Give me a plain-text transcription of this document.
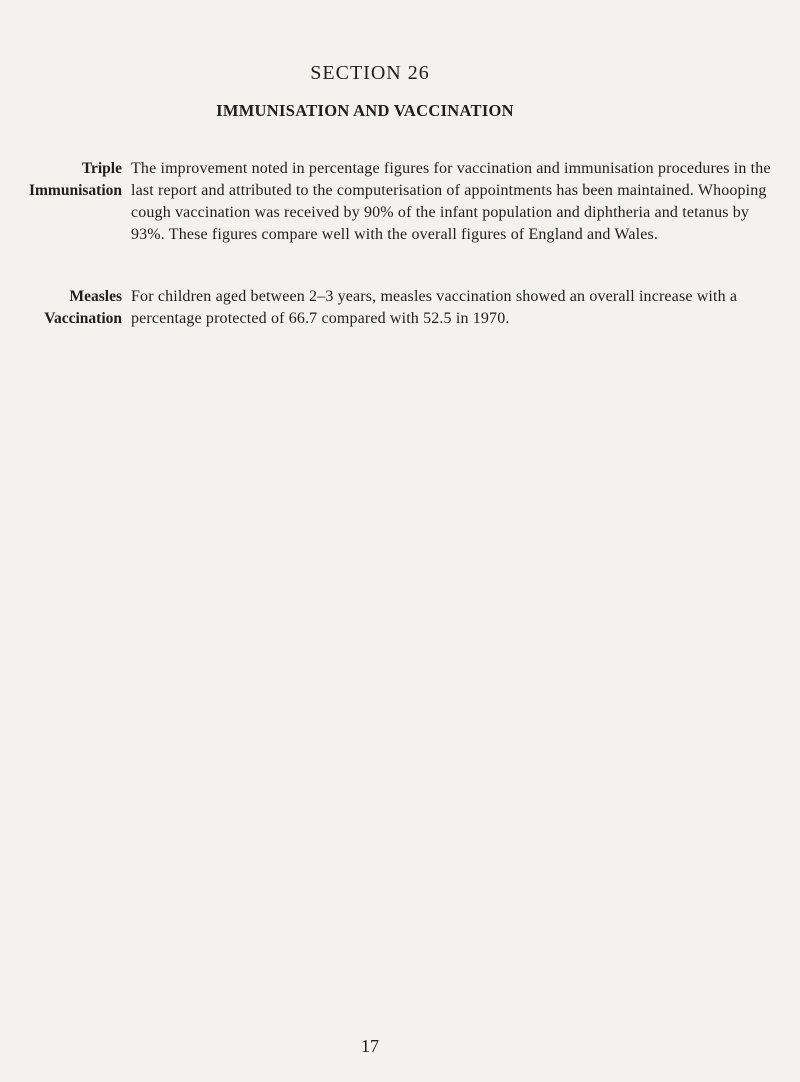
SECTION 26
IMMUNISATION AND VACCINATION
Triple
Immunisation
The improvement noted in percentage figures for vaccination and immunisation procedures in the last report and attributed to the computerisation of appointments has been maintained. Whooping cough vaccination was received by 90% of the infant population and diphtheria and tetanus by 93%. These figures compare well with the overall figures of England and Wales.
Measles
Vaccination
For children aged between 2–3 years, measles vaccination showed an overall increase with a percentage protected of 66.7 compared with 52.5 in 1970.
17
